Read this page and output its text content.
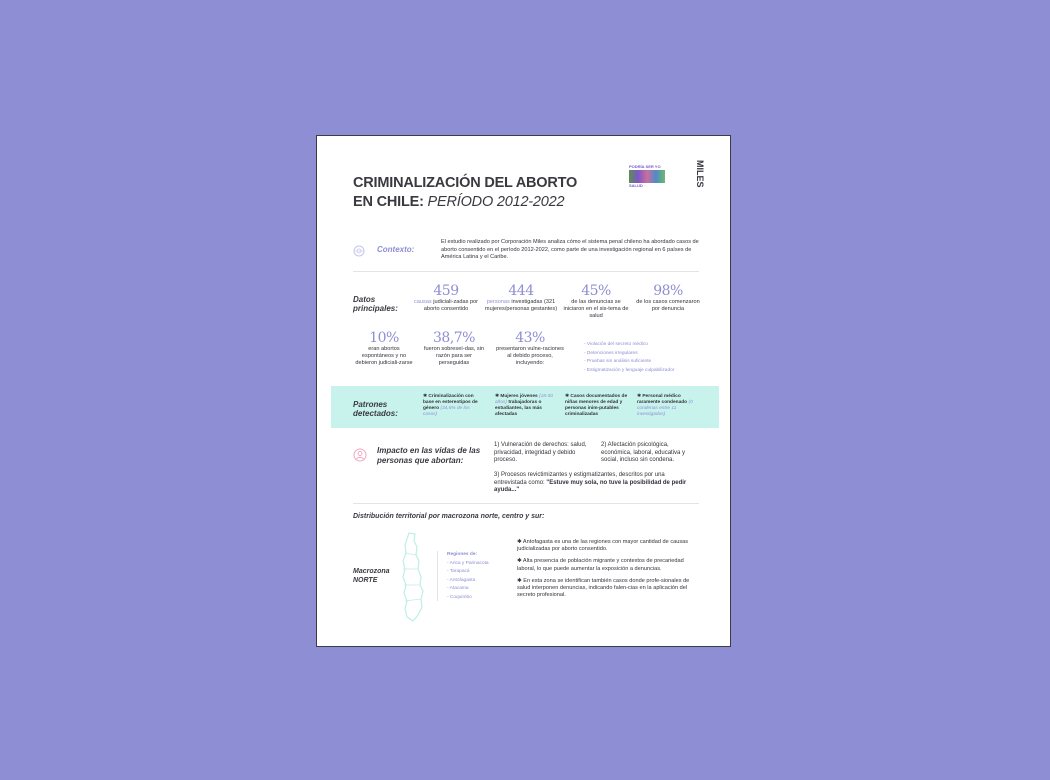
CRIMINALIZACIÓN DEL ABORTO
EN CHILE: PERÍODO 2012-2022
PODRÍA SER YO
SALUD	MILES
Contexto:
El estudio realizado por Corporación Miles analiza cómo el sistema penal chileno ha abordado casos de aborto consentido en el período 2012-2022, como parte de una investigación regional en 6 países de América Latina y el Caribe.
Datos
principales:
459
causas judiciali-zadas por aborto consentido
444
personas investigadas (321 mujeres/personas gestantes)
45%
de las denuncias se iniciaron en el sis-tema de salud
98%
de los casos comenzaron por denuncia
10%
eran abortos espontáneos y no debieron judiciali-zarse
38,7%
fueron sobreseí-das, sin razón para ser perseguidas
43%
presentaron vulne-raciones al debido proceso, incluyendo:
- Violación del secreto médico
- Detenciones irregulares
- Pruebas sin análisis suficiente
- Estigmatización y lenguaje culpabilizador
Patrones
detectados:
✱ Criminalización con base en estereotipos de género (34,6% de los casos)
✱ Mujeres jóvenes (18-30 años) trabajadoras o estudiantes, las más afectadas
✱ Casos documentados de niñas menores de edad y personas inim-putables criminalizadas
✱ Personal médico raramente condenado (0 condenas entre 11 investigados)
Impacto en las vidas de las personas que abortan:
1) Vulneración de derechos: salud, privacidad, integridad y debido proceso.
2) Afectación psicológica, económica, laboral, educativa y social, incluso sin condena.
3) Procesos revictimizantes y estigmatizantes, descritos por una entrevistada como: "Estuve muy sola, no tuve la posibilidad de pedir ayuda..."
Distribución territorial por macrozona norte, centro y sur:
Macrozona
NORTE
Regiones de:
- Arica y Parinacota
- Tarapacá
- Antofagasta
- Atacama
- Coquimbo

✱ Antofagasta es una de las regiones con mayor cantidad de causas judicializadas por aborto consentido.

✱ Alta presencia de población migrante y contextos de precariedad laboral, lo que puede aumentar la exposición a denuncias.

✱ En esta zona se identifican también casos donde profe-sionales de salud interponen denuncias, indicando falen-cias en la aplicación del secreto profesional.
